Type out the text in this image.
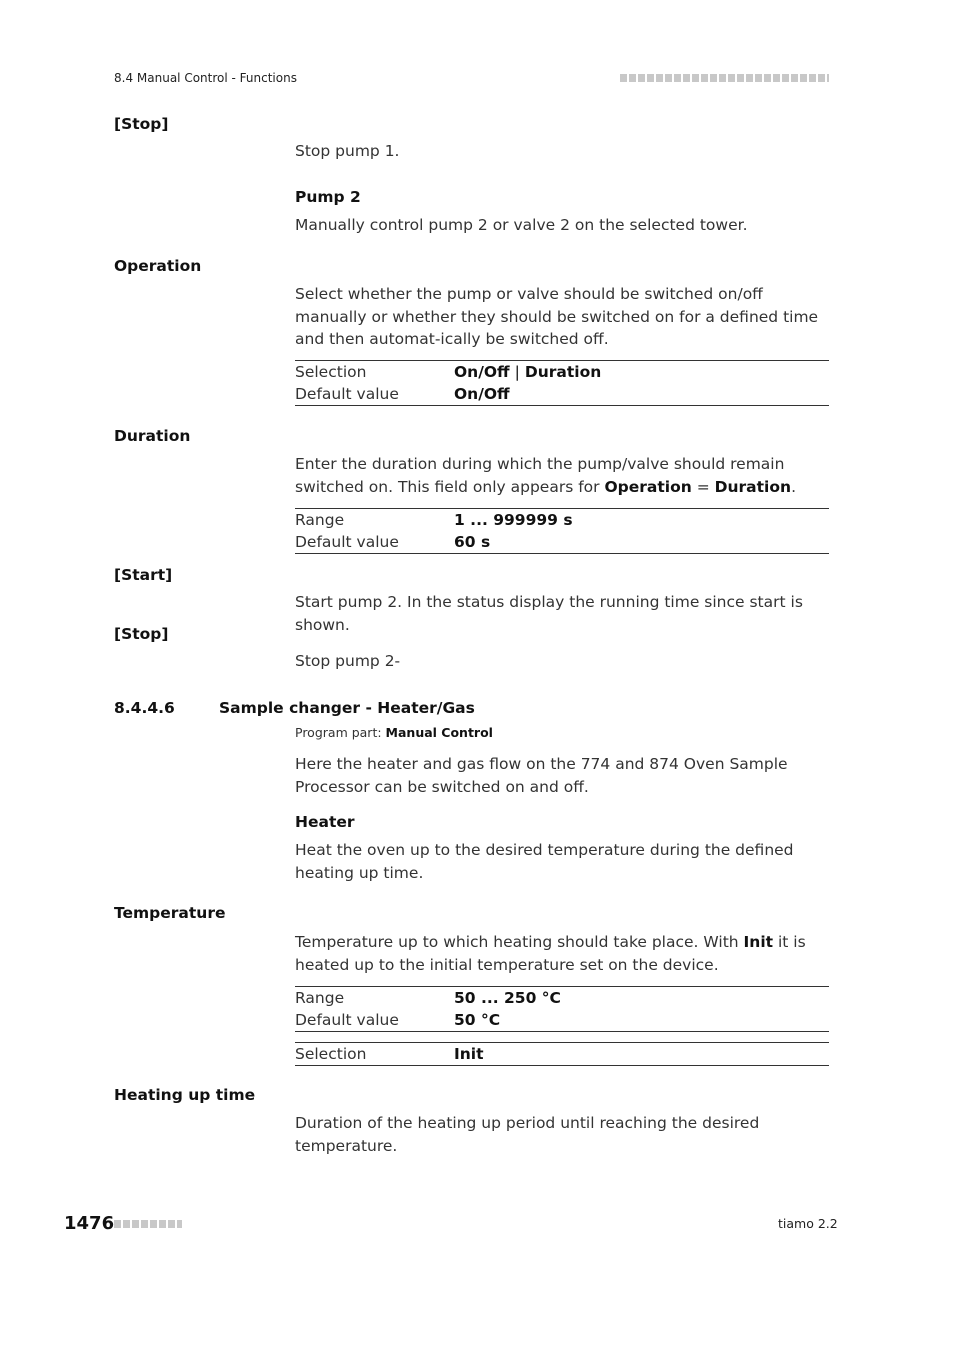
8.4 Manual Control - Functions
[Stop]
Stop pump 1.
Pump 2
Manually control pump 2 or valve 2 on the selected tower.
Operation
Select whether the pump or valve should be switched on/off manually or whether they should be switched on for a defined time and then automat-ically be switched off.
Selection	On/Off | Duration
Default value	On/Off
Duration
Enter the duration during which the pump/valve should remain switched on. This field only appears for Operation = Duration.
Range	1 ... 999999 s
Default value	60 s
[Start]
Start pump 2. In the status display the running time since start is shown.
[Stop]
Stop pump 2-
8.4.4.6	Sample changer - Heater/Gas
Program part: Manual Control
Here the heater and gas flow on the 774 and 874 Oven Sample Processor can be switched on and off.
Heater
Heat the oven up to the desired temperature during the defined heating up time.
Temperature
Temperature up to which heating should take place. With Init it is heated up to the initial temperature set on the device.
Range	50 ... 250 °C
Default value	50 °C
Selection	Init
Heating up time
Duration of the heating up period until reaching the desired temperature.
1476	tiamo 2.2
